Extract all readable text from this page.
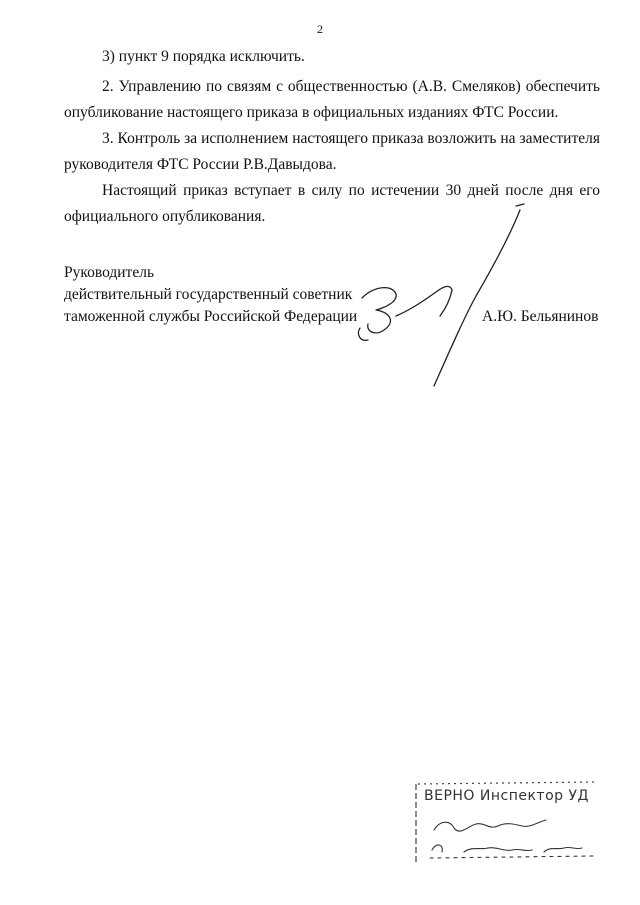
2

3) пункт 9 порядка исключить.

2. Управлению по связям с общественностью (А.В. Смеляков) обеспечить
опубликование настоящего приказа в официальных изданиях ФТС России.

3. Контроль за исполнением настоящего приказа возложить на заместителя
руководителя ФТС России Р.В.Давыдова.

Настоящий приказ вступает в силу по истечении 30 дней после дня его
официального опубликования.

Руководитель
действительный государственный советник
таможенной службы Российской Федерации	А.Ю. Бельянинов
ВЕРНО Инспектор УД
